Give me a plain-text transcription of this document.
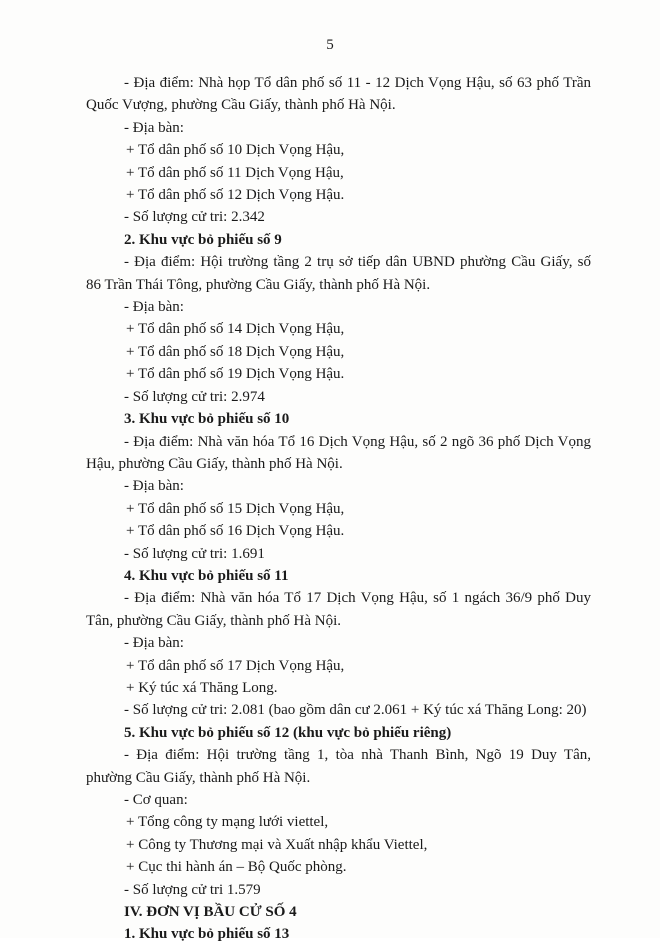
5
- Địa điểm: Nhà họp Tổ dân phố số 11 - 12 Dịch Vọng Hậu, số 63 phố Trần
Quốc Vượng, phường Cầu Giấy, thành phố Hà Nội.
- Địa bàn:
+ Tổ dân phố số 10 Dịch Vọng Hậu,
+ Tổ dân phố số 11 Dịch Vọng Hậu,
+ Tổ dân phố số 12 Dịch Vọng Hậu.
- Số lượng cử tri: 2.342
2. Khu vực bỏ phiếu số 9
- Địa điểm: Hội trường tầng 2 trụ sở tiếp dân UBND phường Cầu Giấy, số
86 Trần Thái Tông, phường Cầu Giấy, thành phố Hà Nội.
- Địa bàn:
+ Tổ dân phố số 14 Dịch Vọng Hậu,
+ Tổ dân phố số 18 Dịch Vọng Hậu,
+ Tổ dân phố số 19 Dịch Vọng Hậu.
- Số lượng cử tri: 2.974
3. Khu vực bỏ phiếu số 10
- Địa điểm: Nhà văn hóa Tổ 16 Dịch Vọng Hậu, số 2 ngõ 36 phố Dịch Vọng
Hậu, phường Cầu Giấy, thành phố Hà Nội.
- Địa bàn:
+ Tổ dân phố số 15 Dịch Vọng Hậu,
+ Tổ dân phố số 16 Dịch Vọng Hậu.
- Số lượng cử tri: 1.691
4. Khu vực bỏ phiếu số 11
- Địa điểm: Nhà văn hóa Tổ 17 Dịch Vọng Hậu, số 1 ngách 36/9 phố Duy
Tân, phường Cầu Giấy, thành phố Hà Nội.
- Địa bàn:
+ Tổ dân phố số 17 Dịch Vọng Hậu,
+ Ký túc xá Thăng Long.
- Số lượng cử tri: 2.081 (bao gồm dân cư 2.061 + Ký túc xá Thăng Long: 20)
5. Khu vực bỏ phiếu số 12 (khu vực bỏ phiếu riêng)
- Địa điểm: Hội trường tầng 1, tòa nhà Thanh Bình, Ngõ 19 Duy Tân,
phường Cầu Giấy, thành phố Hà Nội.
- Cơ quan:
+ Tổng công ty mạng lưới viettel,
+ Công ty Thương mại và Xuất nhập khẩu Viettel,
+ Cục thi hành án – Bộ Quốc phòng.
- Số lượng cử tri 1.579
IV. ĐƠN VỊ BẦU CỬ SỐ 4
1. Khu vực bỏ phiếu số 13
